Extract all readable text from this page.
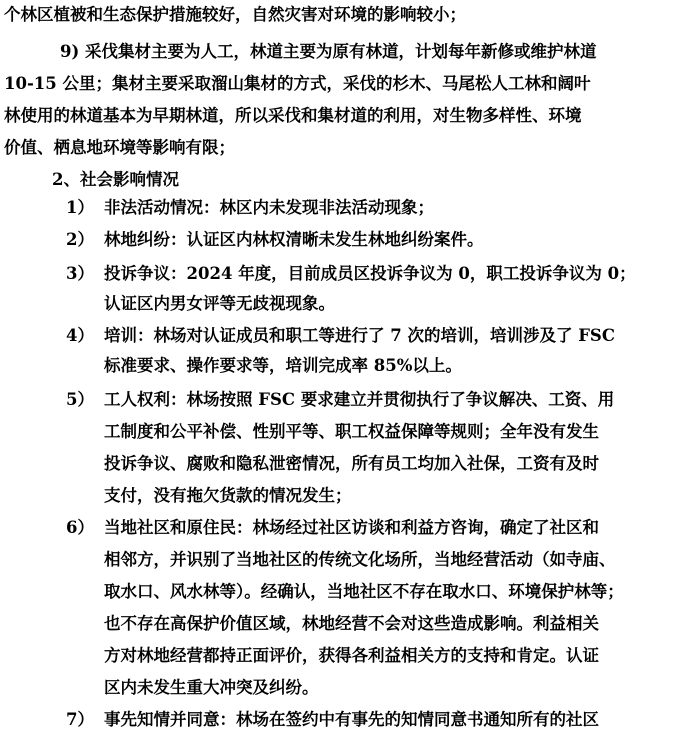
个林区植被和生态保护措施较好，自然灾害对环境的影响较小；
9) 采伐集材主要为人工，林道主要为原有林道，计划每年新修或维护林道
10-15 公里；集材主要采取溜山集材的方式，采伐的杉木、马尾松人工林和阔叶
林使用的林道基本为早期林道，所以采伐和集材道的利用，对生物多样性、环境
价值、栖息地环境等影响有限；
2、社会影响情况
1） 非法活动情况：林区内未发现非法活动现象；
2） 林地纠纷：认证区内林权清晰未发生林地纠纷案件。
3） 投诉争议：2024 年度，目前成员区投诉争议为 0，职工投诉争议为 0；
认证区内男女评等无歧视现象。
4） 培训：林场对认证成员和职工等进行了 7 次的培训，培训涉及了 FSC
标准要求、操作要求等，培训完成率 85%以上。
5） 工人权利：林场按照 FSC 要求建立并贯彻执行了争议解决、工资、用
工制度和公平补偿、性别平等、职工权益保障等规则；全年没有发生
投诉争议、腐败和隐私泄密情况，所有员工均加入社保，工资有及时
支付，没有拖欠货款的情况发生；
6） 当地社区和原住民：林场经过社区访谈和利益方咨询，确定了社区和
相邻方，并识别了当地社区的传统文化场所，当地经营活动（如寺庙、
取水口、风水林等）。经确认，当地社区不存在取水口、环境保护林等；
也不存在高保护价值区域，林地经营不会对这些造成影响。利益相关
方对林地经营都持正面评价，获得各利益相关方的支持和肯定。认证
区内未发生重大冲突及纠纷。
7） 事先知情并同意：林场在签约中有事先的知情同意书通知所有的社区
